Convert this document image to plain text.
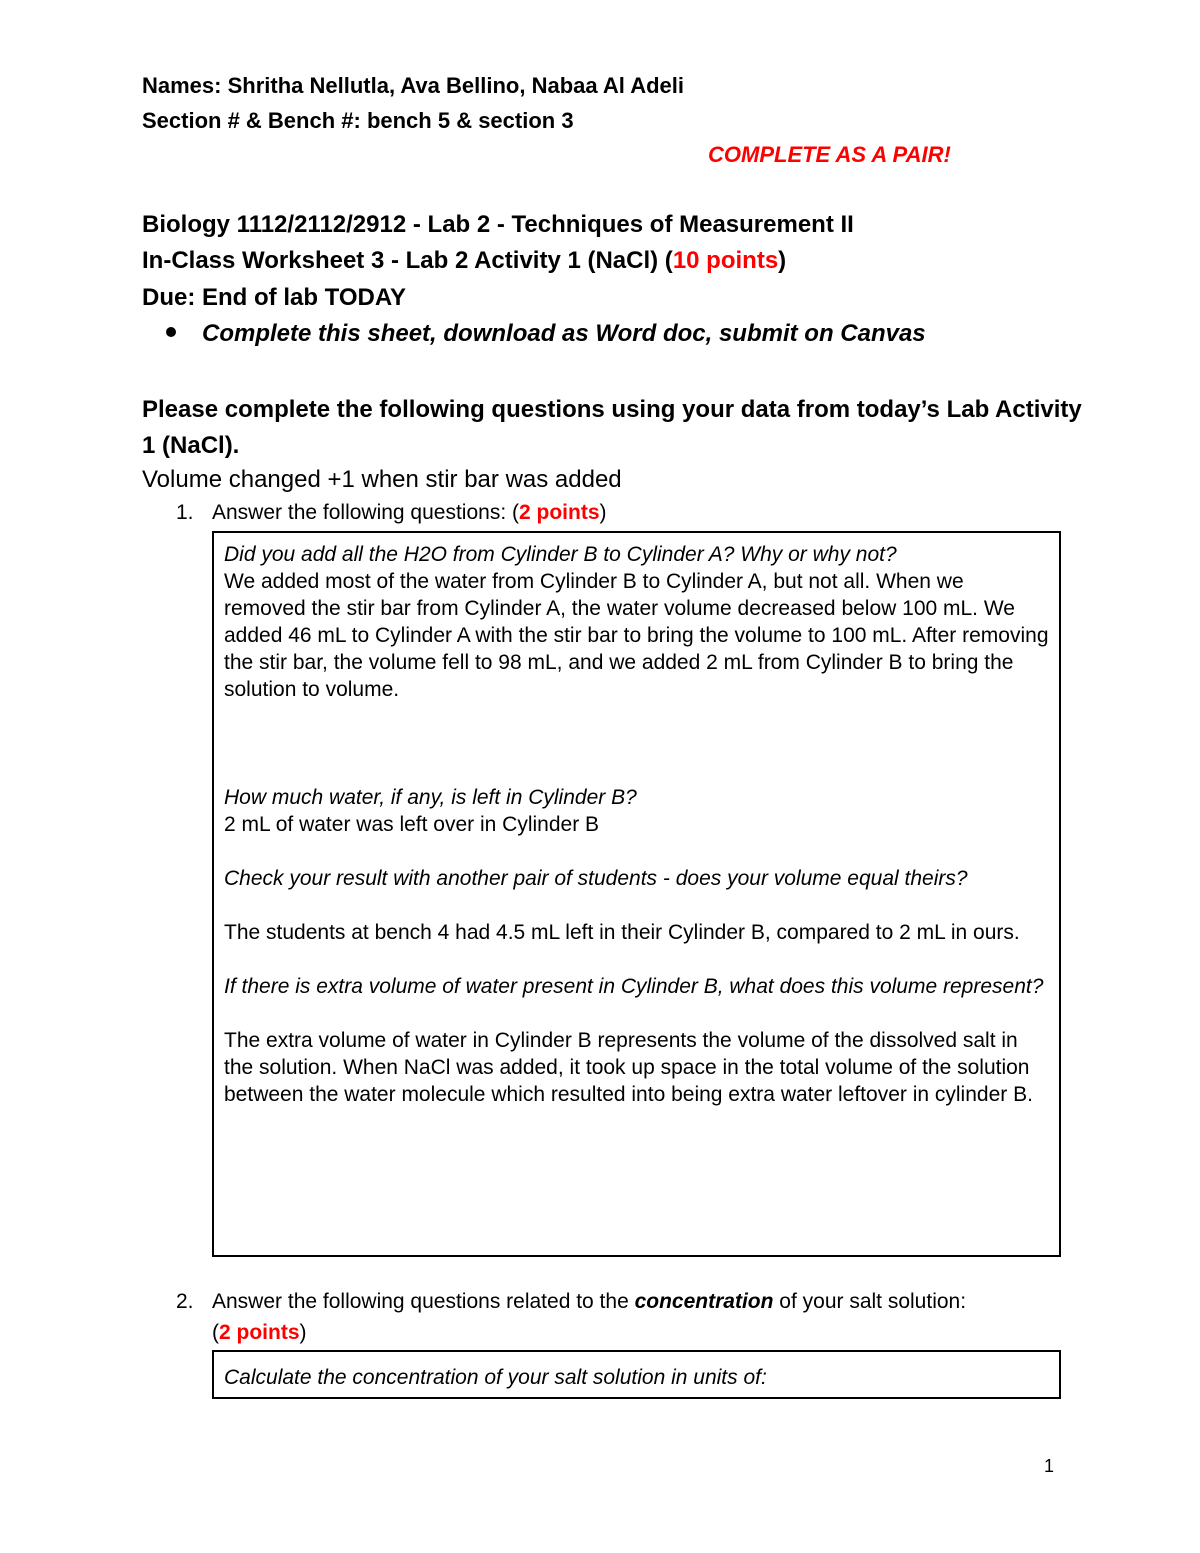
Names: Shritha Nellutla, Ava Bellino, Nabaa Al Adeli
Section # & Bench #: bench 5 & section 3
COMPLETE AS A PAIR!
Biology 1112/2112/2912 - Lab 2 - Techniques of Measurement II
In-Class Worksheet 3 - Lab 2 Activity 1 (NaCl) (10 points)
Due: End of lab TODAY
Complete this sheet, download as Word doc, submit on Canvas
Please complete the following questions using your data from today’s Lab Activity 1 (NaCl).
Volume changed +1 when stir bar was added
1. Answer the following questions: (2 points)

Did you add all the H2O from Cylinder B to Cylinder A? Why or why not?

We added most of the water from Cylinder B to Cylinder A, but not all. When we removed the stir bar from Cylinder A, the water volume decreased below 100 mL. We added 46 mL to Cylinder A with the stir bar to bring the volume to 100 mL. After removing the stir bar, the volume fell to 98 mL, and we added 2 mL from Cylinder B to bring the solution to volume.

How much water, if any, is left in Cylinder B?

2 mL of water was left over in Cylinder B

Check your result with another pair of students - does your volume equal theirs?

The students at bench 4 had 4.5 mL left in their Cylinder B, compared to 2 mL in ours.

If there is extra volume of water present in Cylinder B, what does this volume represent?

The extra volume of water in Cylinder B represents the volume of the dissolved salt in the solution. When NaCl was added, it took up space in the total volume of the solution between the water molecule which resulted into being extra water leftover in cylinder B.

2. Answer the following questions related to the concentration of your salt solution:
(2 points)

Calculate the concentration of your salt solution in units of:

1
